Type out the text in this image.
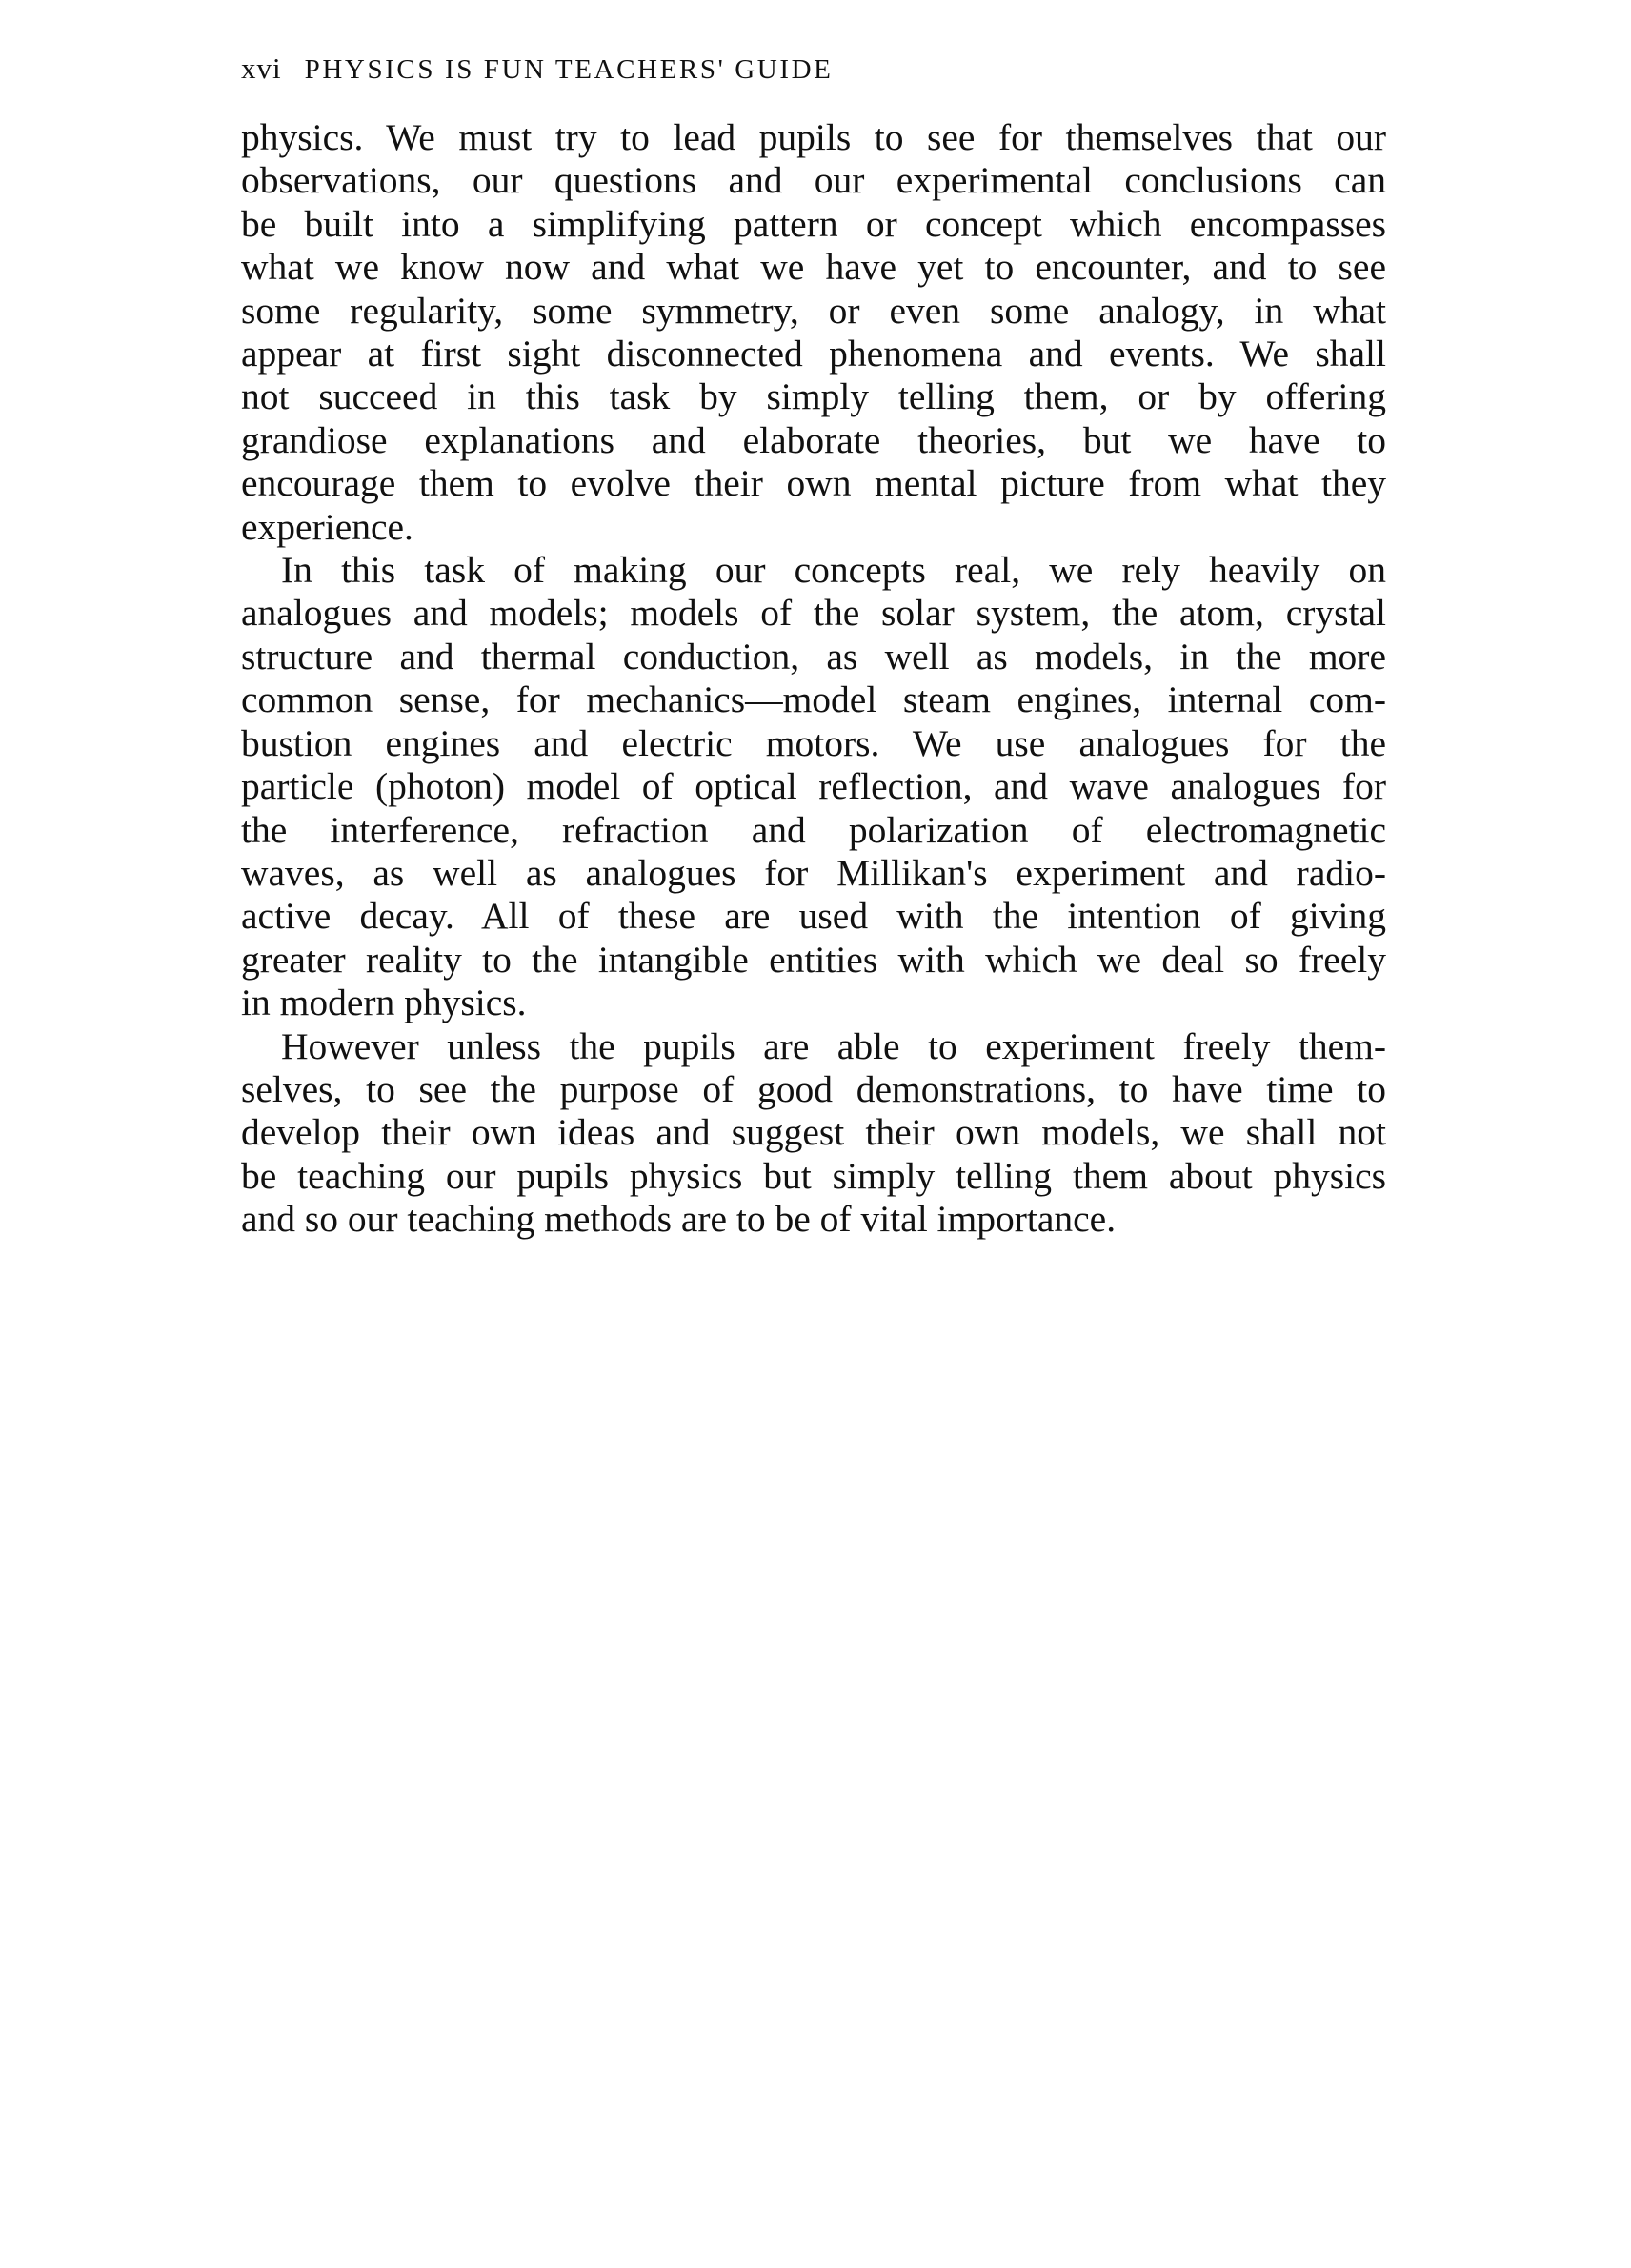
xvi PHYSICS IS FUN TEACHERS' GUIDE
physics. We must try to lead pupils to see for themselves that our
observations, our questions and our experimental conclusions can
be built into a simplifying pattern or concept which encompasses
what we know now and what we have yet to encounter, and to see
some regularity, some symmetry, or even some analogy, in what
appear at first sight disconnected phenomena and events. We shall
not succeed in this task by simply telling them, or by offering
grandiose explanations and elaborate theories, but we have to
encourage them to evolve their own mental picture from what they
experience.
In this task of making our concepts real, we rely heavily on
analogues and models; models of the solar system, the atom, crystal
structure and thermal conduction, as well as models, in the more
common sense, for mechanics—model steam engines, internal com-
bustion engines and electric motors. We use analogues for the
particle (photon) model of optical reflection, and wave analogues for
the interference, refraction and polarization of electromagnetic
waves, as well as analogues for Millikan's experiment and radio-
active decay. All of these are used with the intention of giving
greater reality to the intangible entities with which we deal so freely
in modern physics.
However unless the pupils are able to experiment freely them-
selves, to see the purpose of good demonstrations, to have time to
develop their own ideas and suggest their own models, we shall not
be teaching our pupils physics but simply telling them about physics
and so our teaching methods are to be of vital importance.
